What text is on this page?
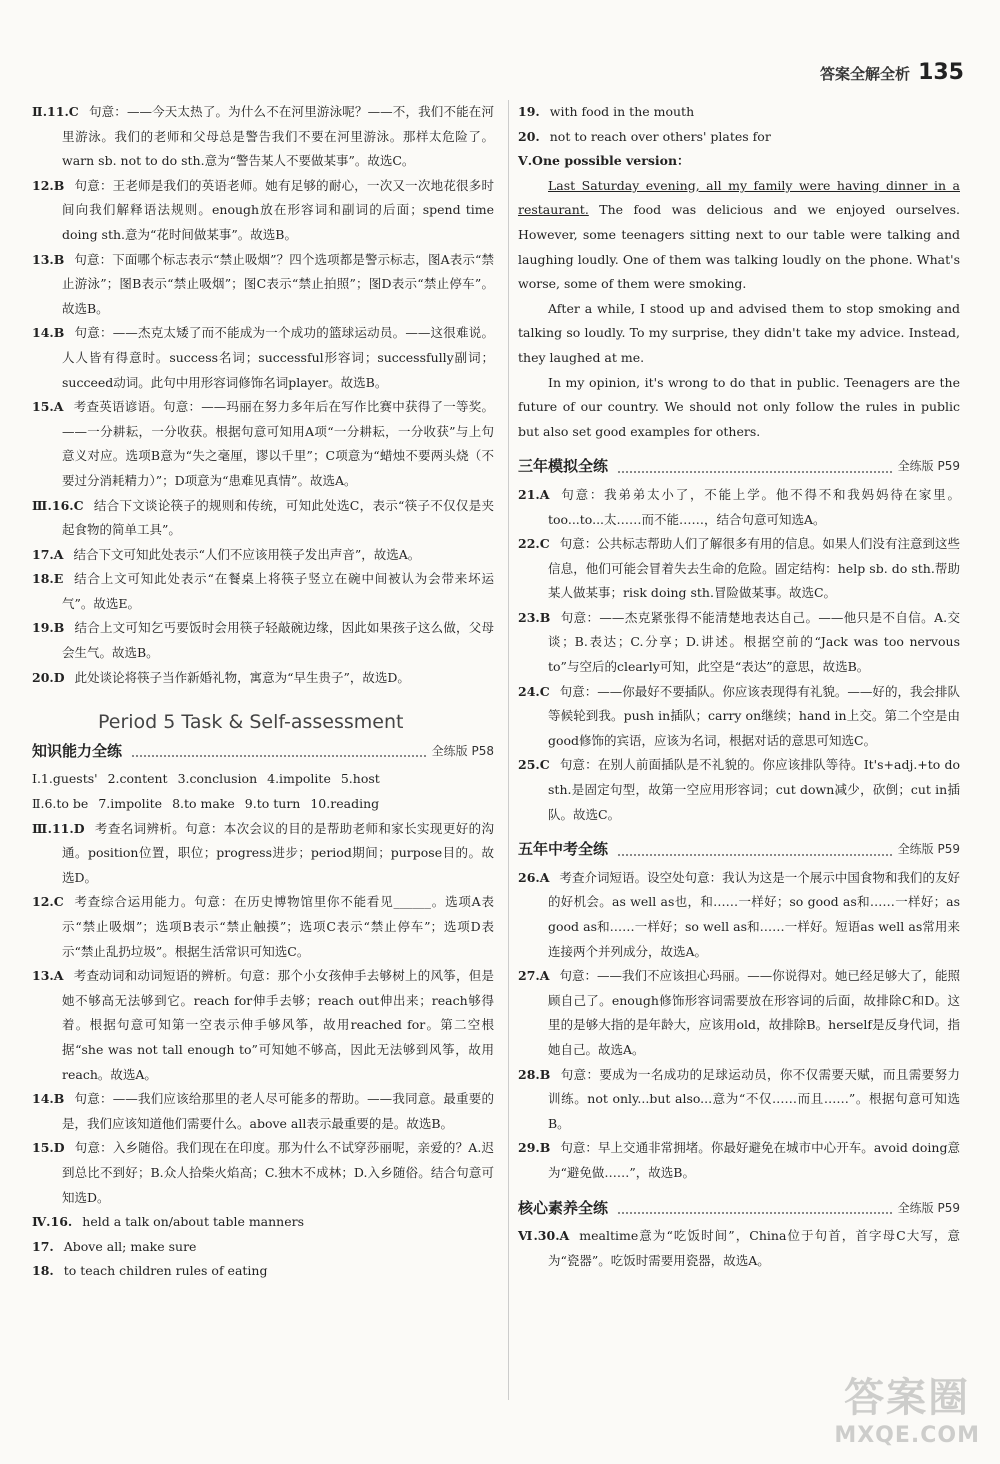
答案全解全析 135

Ⅱ.11.C 句意：——今天太热了。为什么不在河里游泳呢？——不，我们不能在河里游泳。我们的老师和父母总是警告我们不要在河里游泳。那样太危险了。warn sb. not to do sth.意为“警告某人不要做某事”。故选C。

12.B 句意：王老师是我们的英语老师。她有足够的耐心，一次又一次地花很多时间向我们解释语法规则。enough放在形容词和副词的后面；spend time doing sth.意为“花时间做某事”。故选B。

13.B 句意：下面哪个标志表示“禁止吸烟”？四个选项都是警示标志，图A表示“禁止游泳”；图B表示“禁止吸烟”；图C表示“禁止拍照”；图D表示“禁止停车”。故选B。

14.B 句意：——杰克太矮了而不能成为一个成功的篮球运动员。——这很难说。人人皆有得意时。success名词；successful形容词；successfully副词；succeed动词。此句中用形容词修饰名词player。故选B。

15.A 考查英语谚语。句意：——玛丽在努力多年后在写作比赛中获得了一等奖。——一分耕耘，一分收获。根据句意可知用A项“一分耕耘，一分收获”与上句意义对应。选项B意为“失之毫厘，谬以千里”；C项意为“蜡烛不要两头烧（不要过分消耗精力）”；D项意为“患难见真情”。故选A。

Ⅲ.16.C 结合下文谈论筷子的规则和传统，可知此处选C，表示“筷子不仅仅是夹起食物的简单工具”。

17.A 结合下文可知此处表示“人们不应该用筷子发出声音”，故选A。

18.E 结合上文可知此处表示“在餐桌上将筷子竖立在碗中间被认为会带来坏运气”。故选E。

19.B 结合上文可知乞丐要饭时会用筷子轻敲碗边缘，因此如果孩子这么做，父母会生气。故选B。

20.D 此处谈论将筷子当作新婚礼物，寓意为“早生贵子”，故选D。

Period 5 Task & Self-assessment
知识能力全练	全练版 P58

Ⅰ.1.guests' 2.content 3.conclusion 4.impolite 5.host

Ⅱ.6.to be 7.impolite 8.to make 9.to turn 10.reading

Ⅲ.11.D 考查名词辨析。句意：本次会议的目的是帮助老师和家长实现更好的沟通。position位置，职位；progress进步；period期间；purpose目的。故选D。

12.C 考查综合运用能力。句意：在历史博物馆里你不能看见______。选项A表示“禁止吸烟”；选项B表示“禁止触摸”；选项C表示“禁止停车”；选项D表示“禁止乱扔垃圾”。根据生活常识可知选C。

13.A 考查动词和动词短语的辨析。句意：那个小女孩伸手去够树上的风筝，但是她不够高无法够到它。reach for伸手去够；reach out伸出来；reach够得着。根据句意可知第一空表示伸手够风筝，故用reached for。第二空根据“she was not tall enough to”可知她不够高，因此无法够到风筝，故用reach。故选A。

14.B 句意：——我们应该给那里的老人尽可能多的帮助。——我同意。最重要的是，我们应该知道他们需要什么。above all表示最重要的是。故选B。

15.D 句意：入乡随俗。我们现在在印度。那为什么不试穿莎丽呢，亲爱的？A.迟到总比不到好；B.众人拾柴火焰高；C.独木不成林；D.入乡随俗。结合句意可知选D。

Ⅳ.16. held a talk on/about table manners

17. Above all; make sure

18. to teach children rules of eating

19. with food in the mouth

20. not to reach over others' plates for

Ⅴ.One possible version：

Last Saturday evening, all my family were having dinner in a restaurant. The food was delicious and we enjoyed ourselves. However, some teenagers sitting next to our table were talking and laughing loudly. One of them was talking loudly on the phone. What's worse, some of them were smoking.

After a while, I stood up and advised them to stop smoking and talking so loudly. To my surprise, they didn't take my advice. Instead, they laughed at me.

In my opinion, it's wrong to do that in public. Teenagers are the future of our country. We should not only follow the rules in public but also set good examples for others.

三年模拟全练	全练版 P59

21.A 句意：我弟弟太小了，不能上学。他不得不和我妈妈待在家里。too...to...太……而不能……，结合句意可知选A。

22.C 句意：公共标志帮助人们了解很多有用的信息。如果人们没有注意到这些信息，他们可能会冒着失去生命的危险。固定结构：help sb. do sth.帮助某人做某事；risk doing sth.冒险做某事。故选C。

23.B 句意：——杰克紧张得不能清楚地表达自己。——他只是不自信。A.交谈；B.表达；C.分享；D.讲述。根据空前的“Jack was too nervous to”与空后的clearly可知，此空是“表达”的意思，故选B。

24.C 句意：——你最好不要插队。你应该表现得有礼貌。——好的，我会排队等候轮到我。push in插队；carry on继续；hand in上交。第二个空是由good修饰的宾语，应该为名词，根据对话的意思可知选C。

25.C 句意：在别人前面插队是不礼貌的。你应该排队等待。It's+adj.+to do sth.是固定句型，故第一空应用形容词；cut down减少，砍倒；cut in插队。故选C。

五年中考全练	全练版 P59

26.A 考查介词短语。设空处句意：我认为这是一个展示中国食物和我们的友好的好机会。as well as也，和……一样好；so good as和……一样好；as good as和……一样好；so well as和……一样好。短语as well as常用来连接两个并列成分，故选A。

27.A 句意：——我们不应该担心玛丽。——你说得对。她已经足够大了，能照顾自己了。enough修饰形容词需要放在形容词的后面，故排除C和D。这里的是够大指的是年龄大，应该用old，故排除B。herself是反身代词，指她自己。故选A。

28.B 句意：要成为一名成功的足球运动员，你不仅需要天赋，而且需要努力训练。not only...but also...意为“不仅……而且……”。根据句意可知选B。

29.B 句意：早上交通非常拥堵。你最好避免在城市中心开车。avoid doing意为“避免做……”，故选B。

核心素养全练	全练版 P59

Ⅵ.30.A mealtime意为“吃饭时间”，China位于句首，首字母C大写，意为“瓷器”。吃饭时需要用瓷器，故选A。

答案圈
MXQE.COM
